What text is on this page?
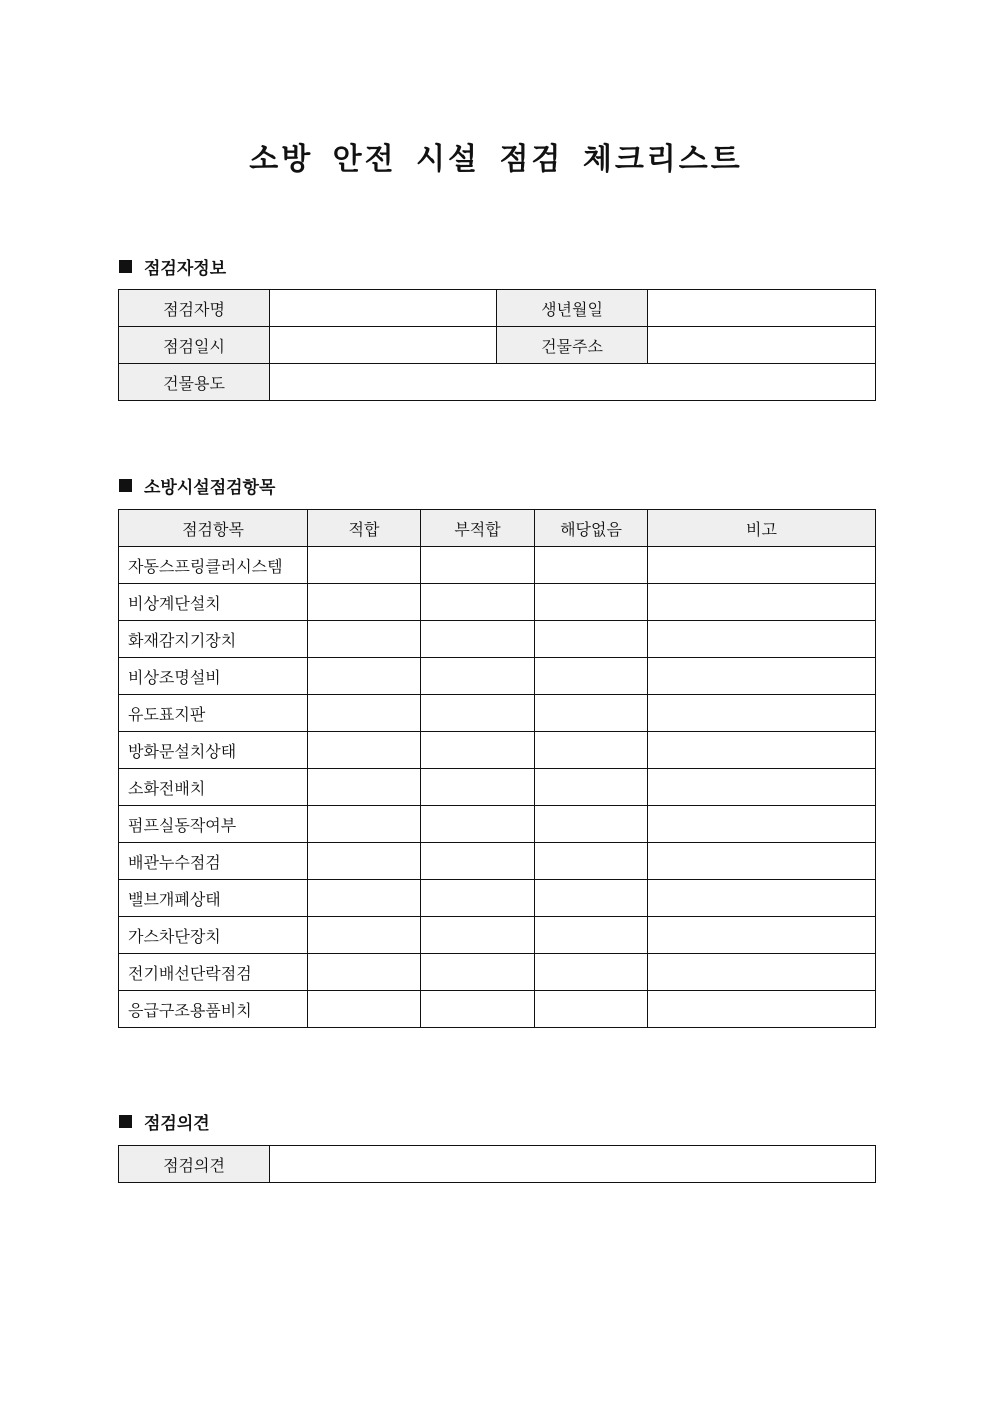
소방 안전 시설 점검 체크리스트
점검자정보
점검자명		생년월일	
점검일시		건물주소	
건물용도			
소방시설점검항목
점검항목	적합	부적합	해당없음	비고
자동스프링클러시스템				
비상계단설치				
화재감지기장치				
비상조명설비				
유도표지판				
방화문설치상태				
소화전배치				
펌프실동작여부				
배관누수점검				
밸브개폐상태				
가스차단장치				
전기배선단락점검				
응급구조용품비치				
점검의견
점검의견	
